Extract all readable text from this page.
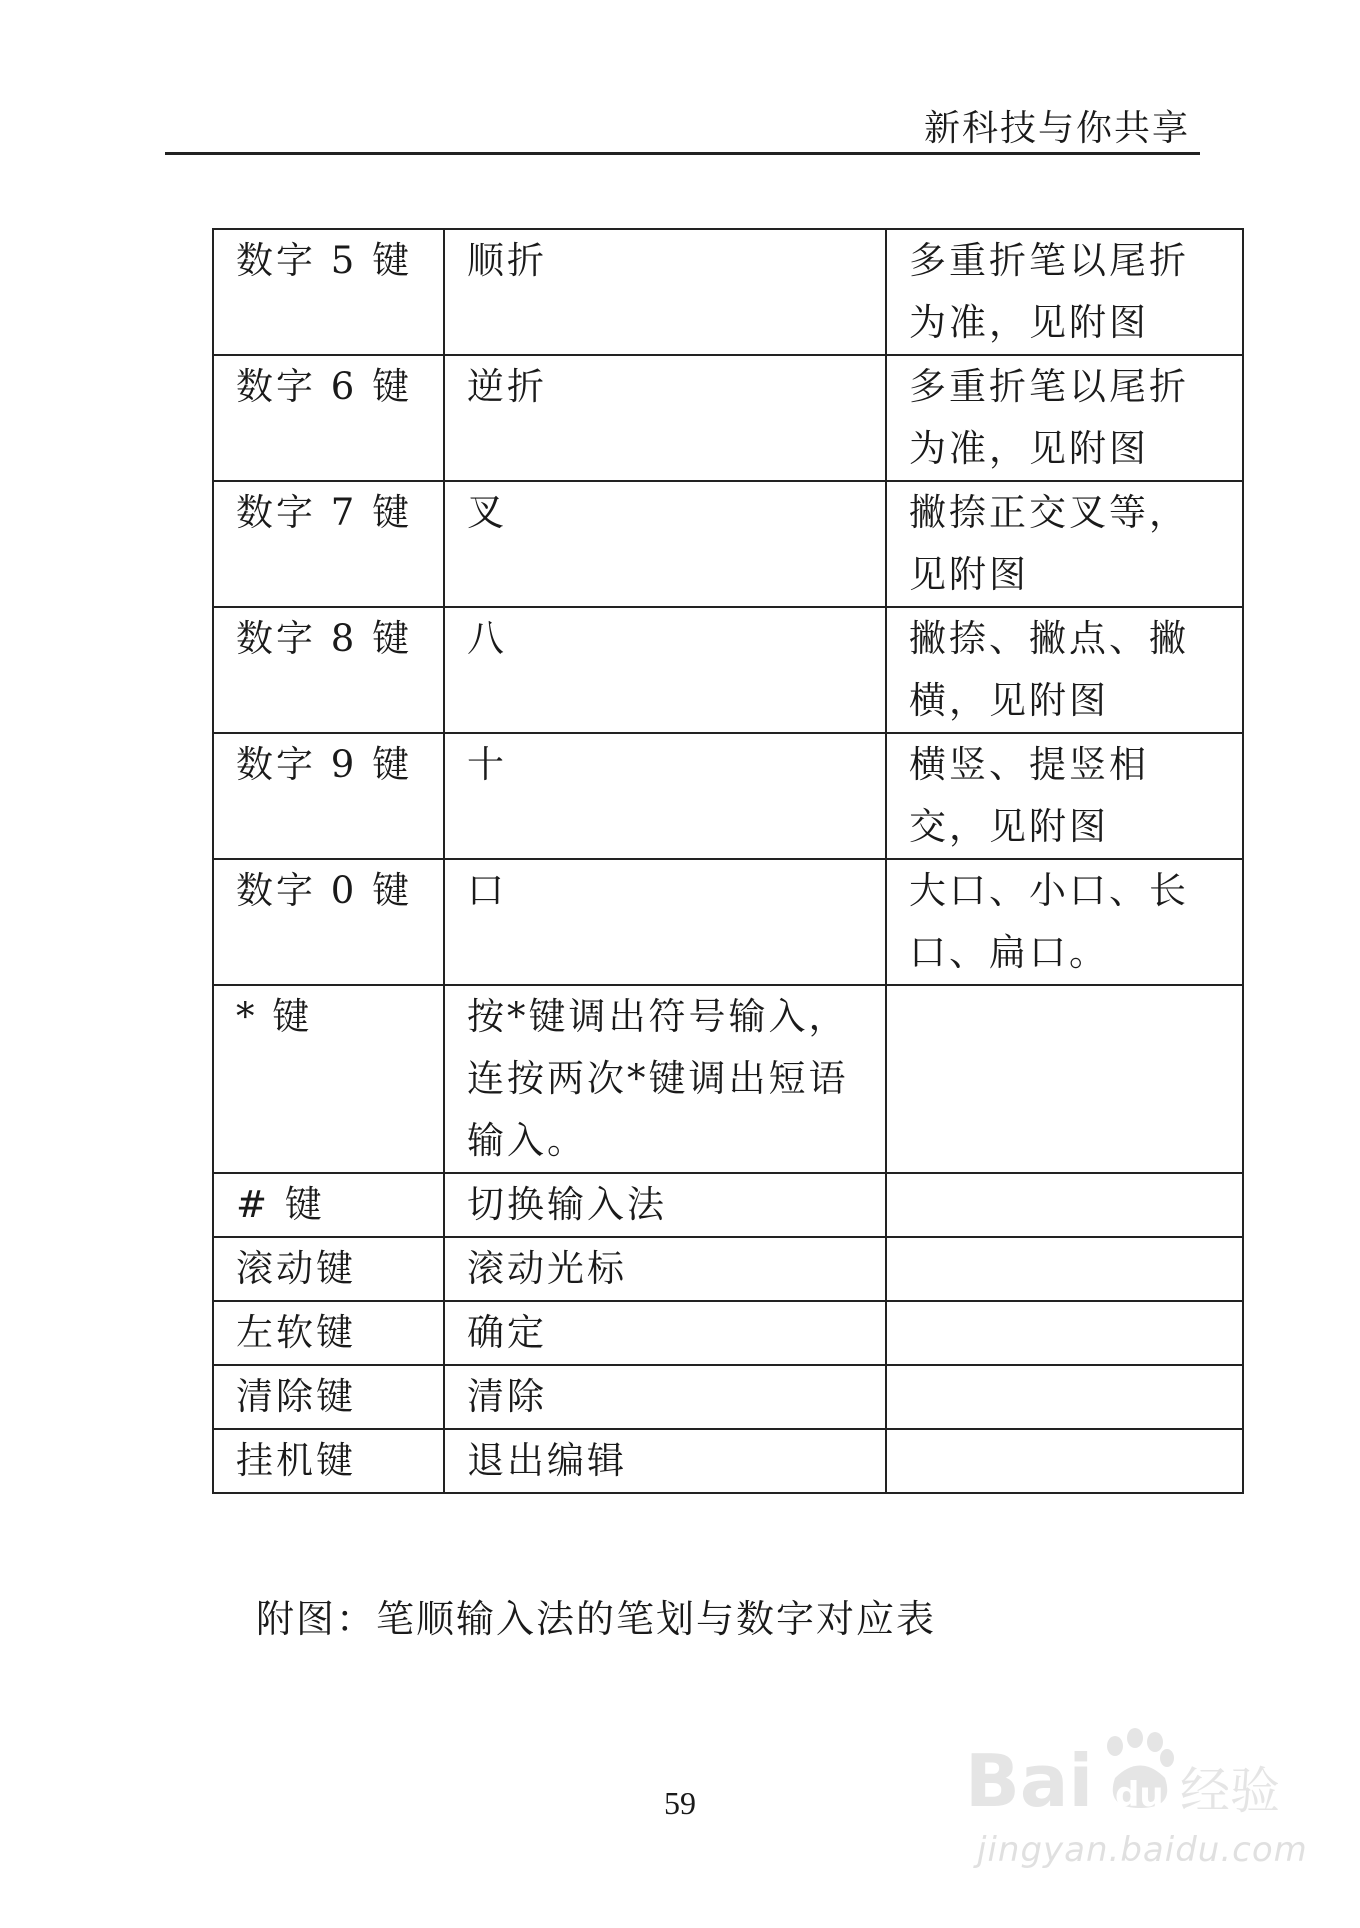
新科技与你共享
数字 5 键	顺折	多重折笔以尾折为准，见附图
数字 6 键	逆折	多重折笔以尾折为准，见附图
数字 7 键	叉	撇捺正交叉等，见附图
数字 8 键	八	撇捺、撇点、撇横，见附图
数字 9 键	十	横竖、提竖相交，见附图
数字 0 键	口	大口、小口、长口、扁口。
* 键	按*键调出符号输入，连按两次*键调出短语输入。	
# 键	切换输入法	
滚动键	滚动光标	
左软键	确定	
清除键	清除	
挂机键	退出编辑	
附图：笔顺输入法的笔划与数字对应表
59	Bai du 经验
jingyan.baidu.com
